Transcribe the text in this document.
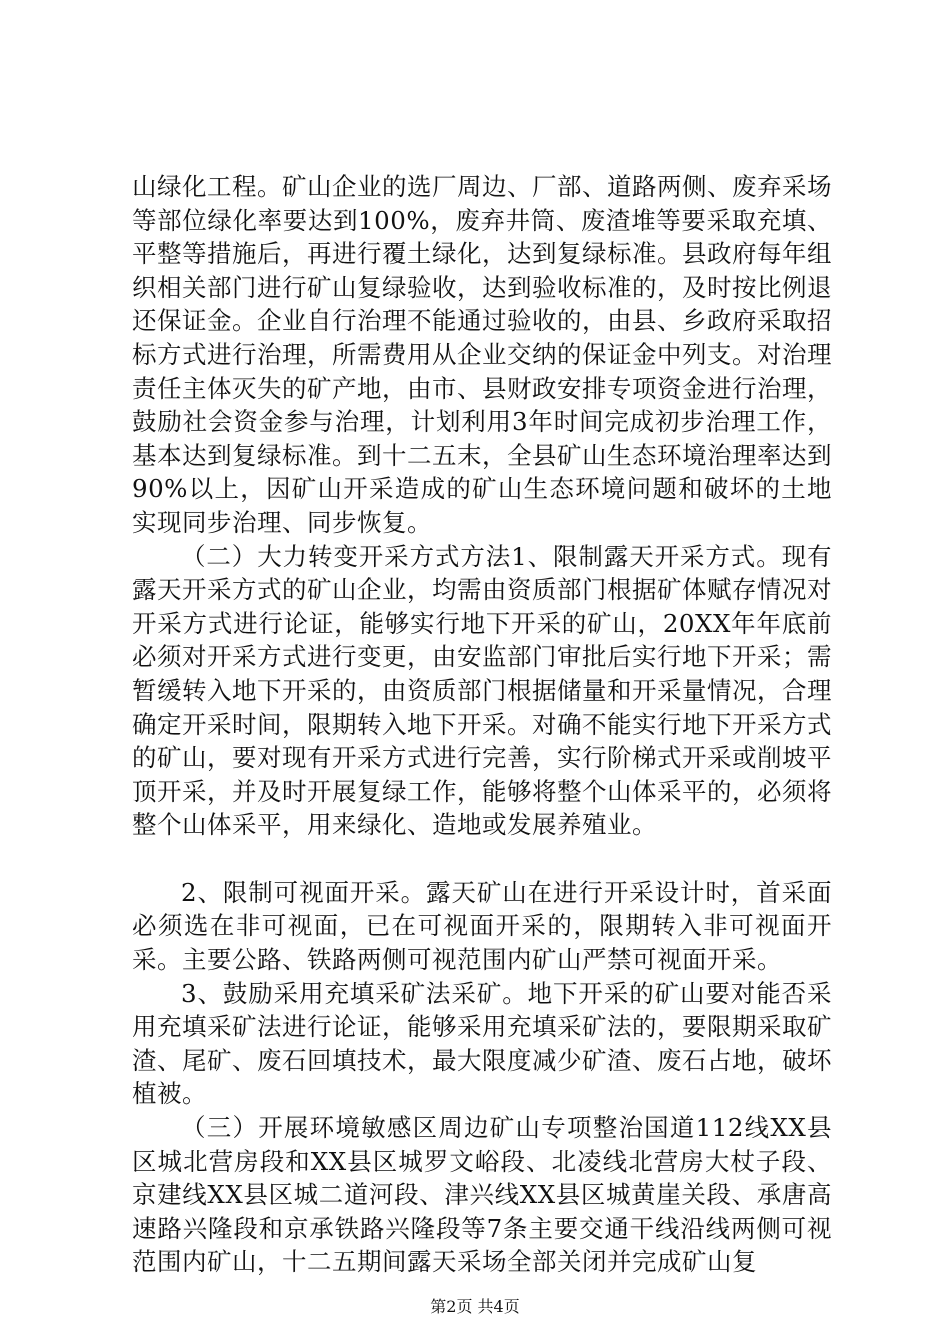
山绿化工程。矿山企业的选厂周边、厂部、道路两侧、废弃采场等部位绿化率要达到100%，废弃井筒、废渣堆等要采取充填、平整等措施后，再进行覆土绿化，达到复绿标准。县政府每年组织相关部门进行矿山复绿验收，达到验收标准的，及时按比例退还保证金。企业自行治理不能通过验收的，由县、乡政府采取招标方式进行治理，所需费用从企业交纳的保证金中列支。对治理责任主体灭失的矿产地，由市、县财政安排专项资金进行治理，鼓励社会资金参与治理，计划利用3年时间完成初步治理工作，基本达到复绿标准。到十二五末，全县矿山生态环境治理率达到90%以上，因矿山开采造成的矿山生态环境问题和破坏的土地实现同步治理、同步恢复。

（二）大力转变开采方式方法1、限制露天开采方式。现有露天开采方式的矿山企业，均需由资质部门根据矿体赋存情况对开采方式进行论证，能够实行地下开采的矿山，20XX年年底前必须对开采方式进行变更，由安监部门审批后实行地下开采；需暂缓转入地下开采的，由资质部门根据储量和开采量情况，合理确定开采时间，限期转入地下开采。对确不能实行地下开采方式的矿山，要对现有开采方式进行完善，实行阶梯式开采或削坡平顶开采，并及时开展复绿工作，能够将整个山体采平的，必须将整个山体采平，用来绿化、造地或发展养殖业。

2、限制可视面开采。露天矿山在进行开采设计时，首采面必须选在非可视面，已在可视面开采的，限期转入非可视面开采。主要公路、铁路两侧可视范围内矿山严禁可视面开采。

3、鼓励采用充填采矿法采矿。地下开采的矿山要对能否采用充填采矿法进行论证，能够采用充填采矿法的，要限期采取矿渣、尾矿、废石回填技术，最大限度减少矿渣、废石占地，破坏植被。

（三）开展环境敏感区周边矿山专项整治国道112线XX县区城北营房段和XX县区城罗文峪段、北凌线北营房大杖子段、京建线XX县区城二道河段、津兴线XX县区城黄崖关段、承唐高速路兴隆段和京承铁路兴隆段等7条主要交通干线沿线两侧可视范围内矿山，十二五期间露天采场全部关闭并完成矿山复

第2页 共4页
